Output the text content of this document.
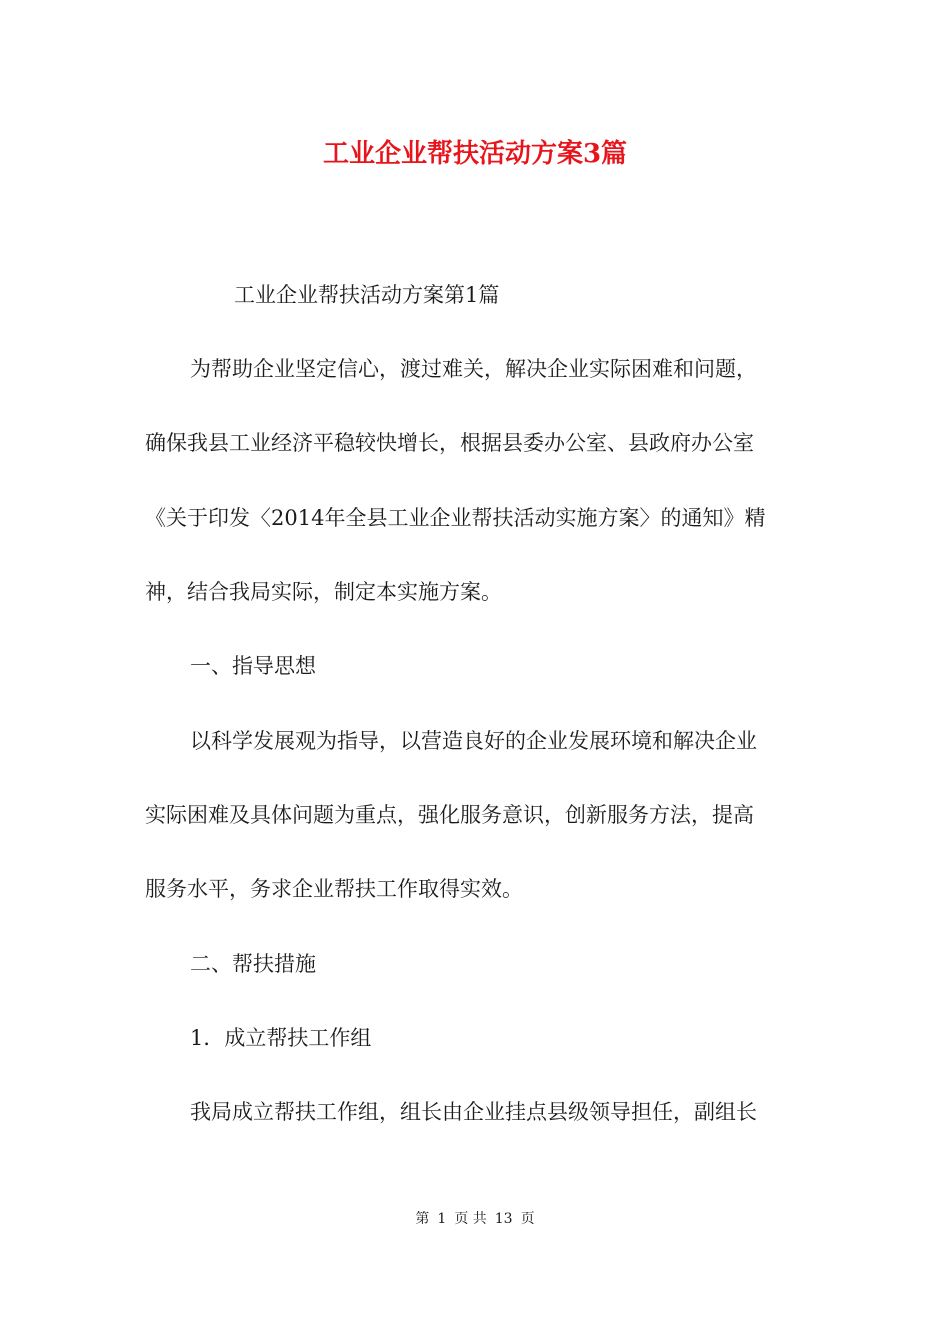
工业企业帮扶活动方案3篇
工业企业帮扶活动方案第1篇
为帮助企业坚定信心，渡过难关，解决企业实际困难和问题，
确保我县工业经济平稳较快增长，根据县委办公室、县政府办公室
《关于印发〈2014年全县工业企业帮扶活动实施方案〉的通知》精
神，结合我局实际，制定本实施方案。
一、指导思想
以科学发展观为指导，以营造良好的企业发展环境和解决企业
实际困难及具体问题为重点，强化服务意识，创新服务方法，提高
服务水平，务求企业帮扶工作取得实效。
二、帮扶措施
1．成立帮扶工作组
我局成立帮扶工作组，组长由企业挂点县级领导担任，副组长
第 1 页 共 13 页
